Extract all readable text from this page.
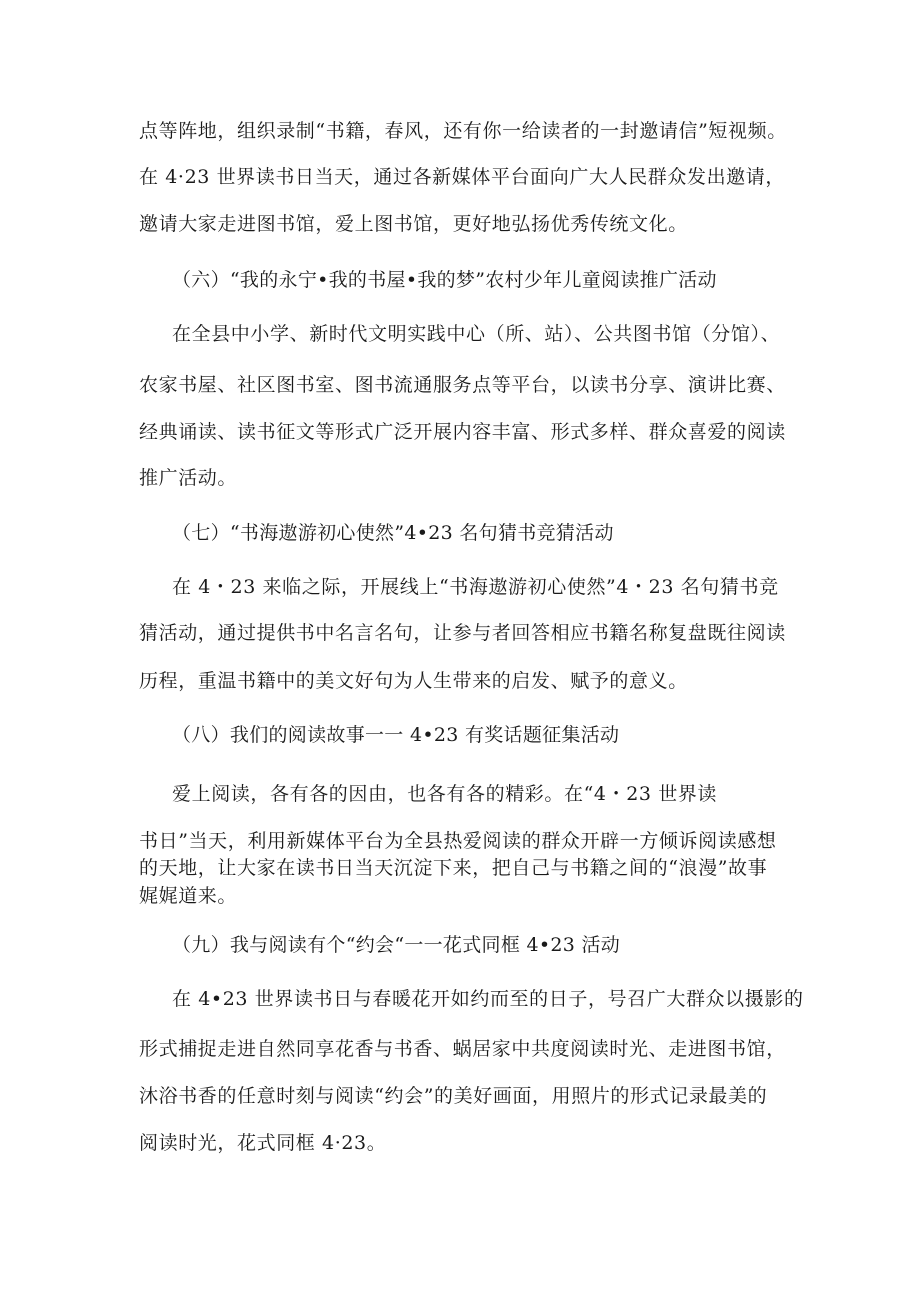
点等阵地，组织录制“书籍，春风，还有你一给读者的一封邀请信”短视频。
在 4·23 世界读书日当天，通过各新媒体平台面向广大人民群众发出邀请，
邀请大家走进图书馆，爱上图书馆，更好地弘扬优秀传统文化。
（六）“我的永宁•我的书屋•我的梦”农村少年儿童阅读推广活动
在全县中小学、新时代文明实践中心（所、站）、公共图书馆（分馆）、
农家书屋、社区图书室、图书流通服务点等平台，以读书分享、演讲比赛、
经典诵读、读书征文等形式广泛开展内容丰富、形式多样、群众喜爱的阅读
推广活动。
（七）“书海遨游初心使然”4•23 名句猜书竞猜活动
在 4・23 来临之际，开展线上“书海遨游初心使然”4・23 名句猜书竞
猜活动，通过提供书中名言名句，让参与者回答相应书籍名称复盘既往阅读
历程，重温书籍中的美文好句为人生带来的启发、赋予的意义。
（八）我们的阅读故事一一 4•23 有奖话题征集活动
爱上阅读，各有各的因由，也各有各的精彩。在“4・23 世界读
书日”当天，利用新媒体平台为全县热爱阅读的群众开辟一方倾诉阅读感想
的天地，让大家在读书日当天沉淀下来，把自己与书籍之间的“浪漫”故事
娓娓道来。
（九）我与阅读有个“约会“一一花式同框 4•23 活动
在 4•23 世界读书日与春暖花开如约而至的日子，号召广大群众以摄影的
形式捕捉走进自然同享花香与书香、蜗居家中共度阅读时光、走进图书馆，
沐浴书香的任意时刻与阅读“约会”的美好画面，用照片的形式记录最美的
阅读时光，花式同框 4·23。
